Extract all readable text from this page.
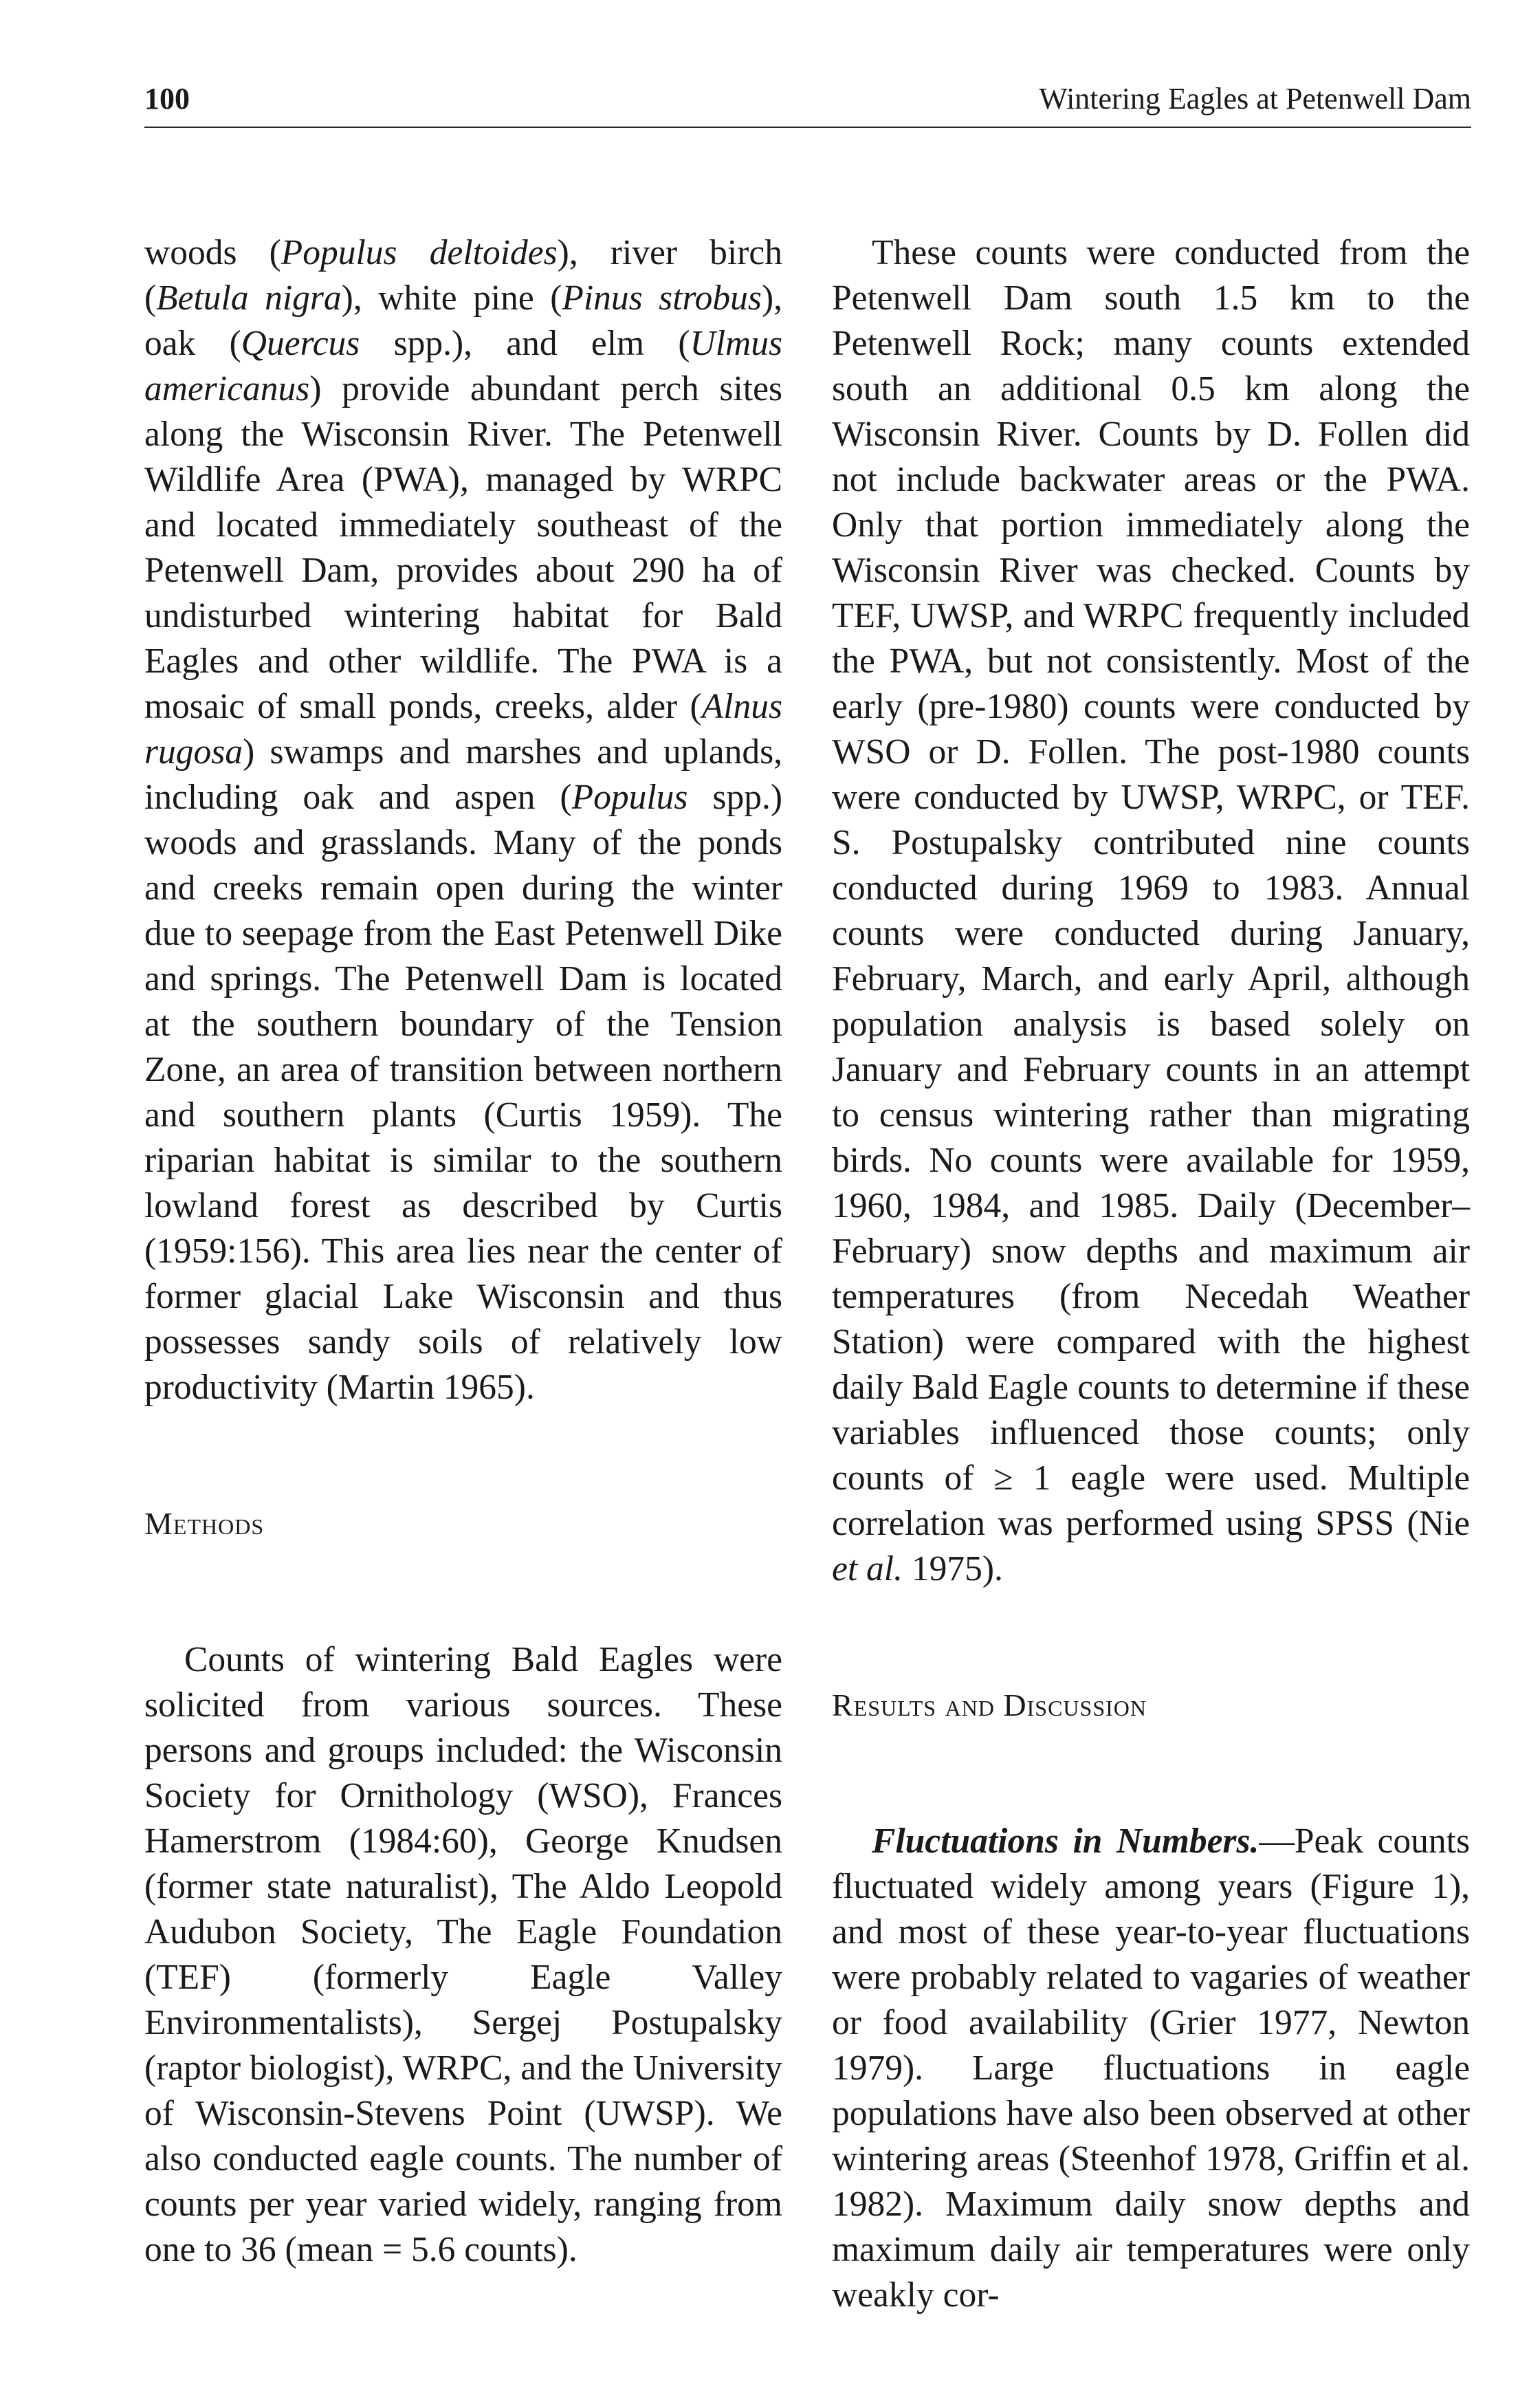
100	Wintering Eagles at Petenwell Dam

woods (Populus deltoides), river birch (Betula nigra), white pine (Pinus strobus), oak (Quercus spp.), and elm (Ulmus americanus) provide abundant perch sites along the Wisconsin River. The Petenwell Wildlife Area (PWA), managed by WRPC and located immediately southeast of the Petenwell Dam, provides about 290 ha of undisturbed wintering habitat for Bald Eagles and other wildlife. The PWA is a mosaic of small ponds, creeks, alder (Alnus rugosa) swamps and marshes and uplands, including oak and aspen (Populus spp.) woods and grasslands. Many of the ponds and creeks remain open during the winter due to seepage from the East Petenwell Dike and springs. The Petenwell Dam is located at the southern boundary of the Tension Zone, an area of transition between northern and southern plants (Curtis 1959). The riparian habitat is similar to the southern lowland forest as described by Curtis (1959:156). This area lies near the center of former glacial Lake Wisconsin and thus possesses sandy soils of relatively low productivity (Martin 1965).

Methods

Counts of wintering Bald Eagles were solicited from various sources. These persons and groups included: the Wisconsin Society for Ornithology (WSO), Frances Hamerstrom (1984:60), George Knudsen (former state naturalist), The Aldo Leopold Audubon Society, The Eagle Foundation (TEF) (formerly Eagle Valley Environmentalists), Sergej Postupalsky (raptor biologist), WRPC, and the University of Wisconsin-Stevens Point (UWSP). We also conducted eagle counts. The number of counts per year varied widely, ranging from one to 36 (mean = 5.6 counts).

These counts were conducted from the Petenwell Dam south 1.5 km to the Petenwell Rock; many counts extended south an additional 0.5 km along the Wisconsin River. Counts by D. Follen did not include backwater areas or the PWA. Only that portion immediately along the Wisconsin River was checked. Counts by TEF, UWSP, and WRPC frequently included the PWA, but not consistently. Most of the early (pre-1980) counts were conducted by WSO or D. Follen. The post-1980 counts were conducted by UWSP, WRPC, or TEF. S. Postupalsky contributed nine counts conducted during 1969 to 1983. Annual counts were conducted during January, February, March, and early April, although population analysis is based solely on January and February counts in an attempt to census wintering rather than migrating birds. No counts were available for 1959, 1960, 1984, and 1985. Daily (December–February) snow depths and maximum air temperatures (from Necedah Weather Station) were compared with the highest daily Bald Eagle counts to determine if these variables influenced those counts; only counts of ≥ 1 eagle were used. Multiple correlation was performed using SPSS (Nie et al. 1975).

Results and Discussion

Fluctuations in Numbers.—Peak counts fluctuated widely among years (Figure 1), and most of these year-to-year fluctuations were probably related to vagaries of weather or food availability (Grier 1977, Newton 1979). Large fluctuations in eagle populations have also been observed at other wintering areas (Steenhof 1978, Griffin et al. 1982). Maximum daily snow depths and maximum daily air temperatures were only weakly cor-
